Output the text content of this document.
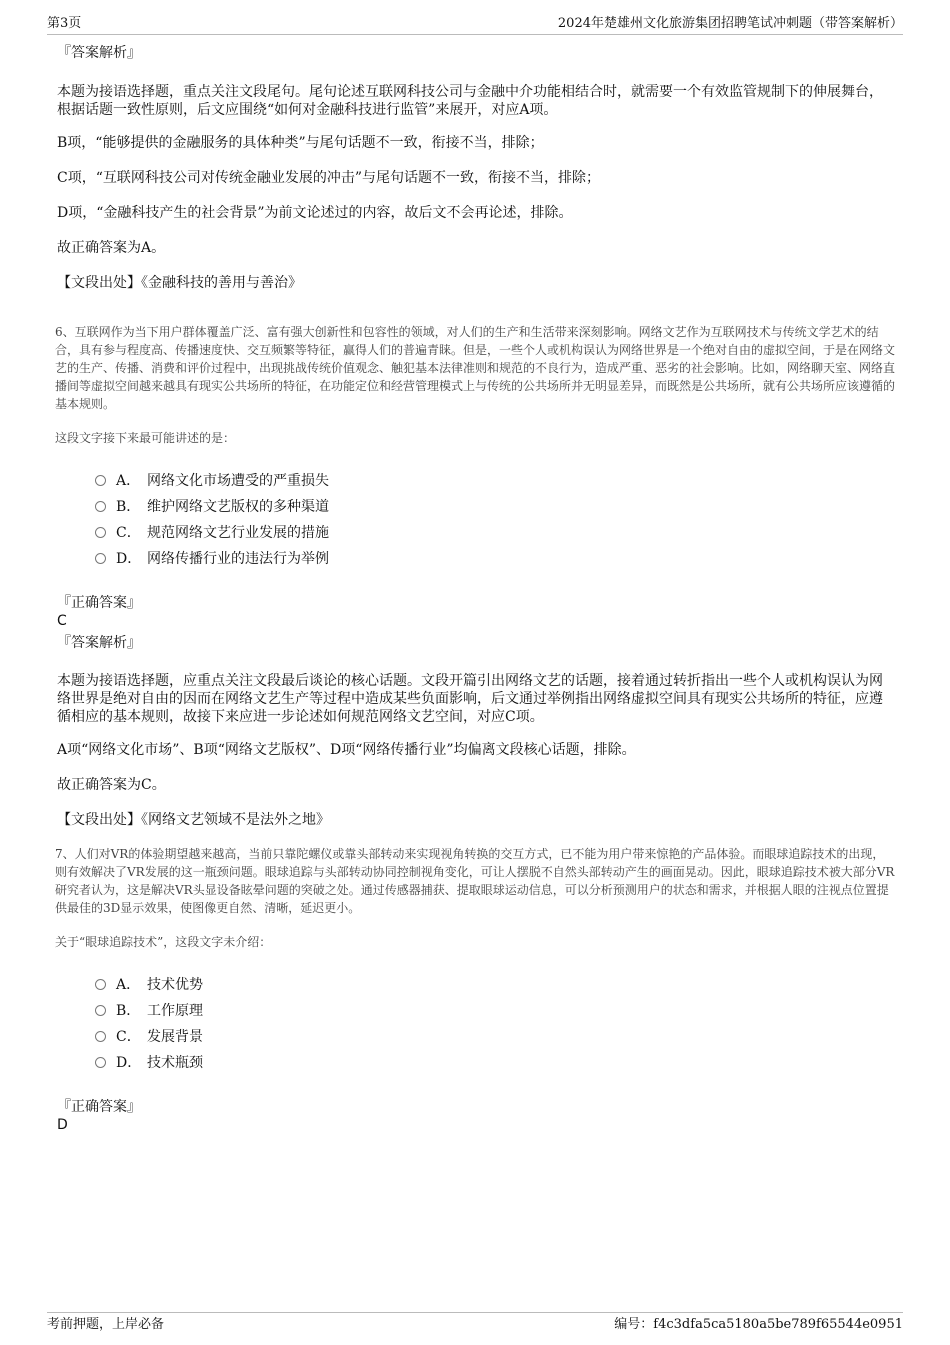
第3页	2024年楚雄州文化旅游集团招聘笔试冲刺题（带答案解析）

『答案解析』

本题为接语选择题，重点关注文段尾句。尾句论述互联网科技公司与金融中介功能相结合时，就需要一个有效监管规制下的伸展舞台，根据话题一致性原则，后文应围绕“如何对金融科技进行监管”来展开，对应A项。

B项，“能够提供的金融服务的具体种类”与尾句话题不一致，衔接不当，排除；

C项，“互联网科技公司对传统金融业发展的冲击”与尾句话题不一致，衔接不当，排除；

D项，“金融科技产生的社会背景”为前文论述过的内容，故后文不会再论述，排除。

故正确答案为A。

【文段出处】《金融科技的善用与善治》

6、互联网作为当下用户群体覆盖广泛、富有强大创新性和包容性的领域，对人们的生产和生活带来深刻影响。网络文艺作为互联网技术与传统文学艺术的结合，具有参与程度高、传播速度快、交互频繁等特征，赢得人们的普遍青睐。但是，一些个人或机构误认为网络世界是一个绝对自由的虚拟空间，于是在网络文艺的生产、传播、消费和评价过程中，出现挑战传统价值观念、触犯基本法律准则和规范的不良行为，造成严重、恶劣的社会影响。比如，网络聊天室、网络直播间等虚拟空间越来越具有现实公共场所的特征，在功能定位和经营管理模式上与传统的公共场所并无明显差异，而既然是公共场所，就有公共场所应该遵循的基本规则。

这段文字接下来最可能讲述的是：

A． 网络文化市场遭受的严重损失
B． 维护网络文艺版权的多种渠道
C． 规范网络文艺行业发展的措施
D． 网络传播行业的违法行为举例

『正确答案』

C

『答案解析』

本题为接语选择题，应重点关注文段最后谈论的核心话题。文段开篇引出网络文艺的话题，接着通过转折指出一些个人或机构误认为网络世界是绝对自由的因而在网络文艺生产等过程中造成某些负面影响，后文通过举例指出网络虚拟空间具有现实公共场所的特征，应遵循相应的基本规则，故接下来应进一步论述如何规范网络文艺空间，对应C项。

A项“网络文化市场”、B项“网络文艺版权”、D项“网络传播行业”均偏离文段核心话题，排除。

故正确答案为C。

【文段出处】《网络文艺领域不是法外之地》

7、人们对VR的体验期望越来越高，当前只靠陀螺仪或靠头部转动来实现视角转换的交互方式，已不能为用户带来惊艳的产品体验。而眼球追踪技术的出现，则有效解决了VR发展的这一瓶颈问题。眼球追踪与头部转动协同控制视角变化，可让人摆脱不自然头部转动产生的画面晃动。因此，眼球追踪技术被大部分VR研究者认为，这是解决VR头显设备眩晕问题的突破之处。通过传感器捕获、提取眼球运动信息，可以分析预测用户的状态和需求，并根据人眼的注视点位置提供最佳的3D显示效果，使图像更自然、清晰，延迟更小。

关于“眼球追踪技术”，这段文字未介绍：

A． 技术优势
B． 工作原理
C． 发展背景
D． 技术瓶颈

『正确答案』

D

考前押题，上岸必备	编号：f4c3dfa5ca5180a5be789f65544e0951
